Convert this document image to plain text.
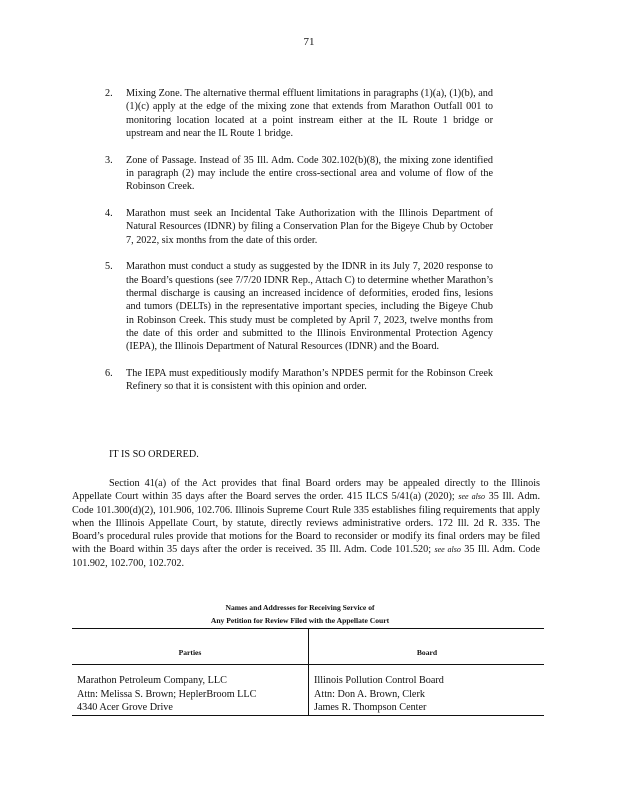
71
2. Mixing Zone. The alternative thermal effluent limitations in paragraphs (1)(a), (1)(b), and (1)(c) apply at the edge of the mixing zone that extends from Marathon Outfall 001 to monitoring location located at a point instream either at the IL Route 1 bridge or upstream and near the IL Route 1 bridge.
3. Zone of Passage. Instead of 35 Ill. Adm. Code 302.102(b)(8), the mixing zone identified in paragraph (2) may include the entire cross-sectional area and volume of flow of the Robinson Creek.
4. Marathon must seek an Incidental Take Authorization with the Illinois Department of Natural Resources (IDNR) by filing a Conservation Plan for the Bigeye Chub by October 7, 2022, six months from the date of this order.
5. Marathon must conduct a study as suggested by the IDNR in its July 7, 2020 response to the Board’s questions (see 7/7/20 IDNR Rep., Attach C) to determine whether Marathon’s thermal discharge is causing an increased incidence of deformities, eroded fins, lesions and tumors (DELTs) in the representative important species, including the Bigeye Chub in Robinson Creek. This study must be completed by April 7, 2023, twelve months from the date of this order and submitted to the Illinois Environmental Protection Agency (IEPA), the Illinois Department of Natural Resources (IDNR) and the Board.
6. The IEPA must expeditiously modify Marathon’s NPDES permit for the Robinson Creek Refinery so that it is consistent with this opinion and order.
IT IS SO ORDERED.

Section 41(a) of the Act provides that final Board orders may be appealed directly to the Illinois Appellate Court within 35 days after the Board serves the order. 415 ILCS 5/41(a) (2020); see also 35 Ill. Adm. Code 101.300(d)(2), 101.906, 102.706. Illinois Supreme Court Rule 335 establishes filing requirements that apply when the Illinois Appellate Court, by statute, directly reviews administrative orders. 172 Ill. 2d R. 335. The Board’s procedural rules provide that motions for the Board to reconsider or modify its final orders may be filed with the Board within 35 days after the order is received. 35 Ill. Adm. Code 101.520; see also 35 Ill. Adm. Code 101.902, 102.700, 102.702.

Names and Addresses for Receiving Service of
Any Petition for Review Filed with the Appellate Court
Parties	Board
Marathon Petroleum Company, LLC
Attn: Melissa S. Brown; HeplerBroom LLC
4340 Acer Grove Drive
Illinois Pollution Control Board
Attn: Don A. Brown, Clerk
James R. Thompson Center
